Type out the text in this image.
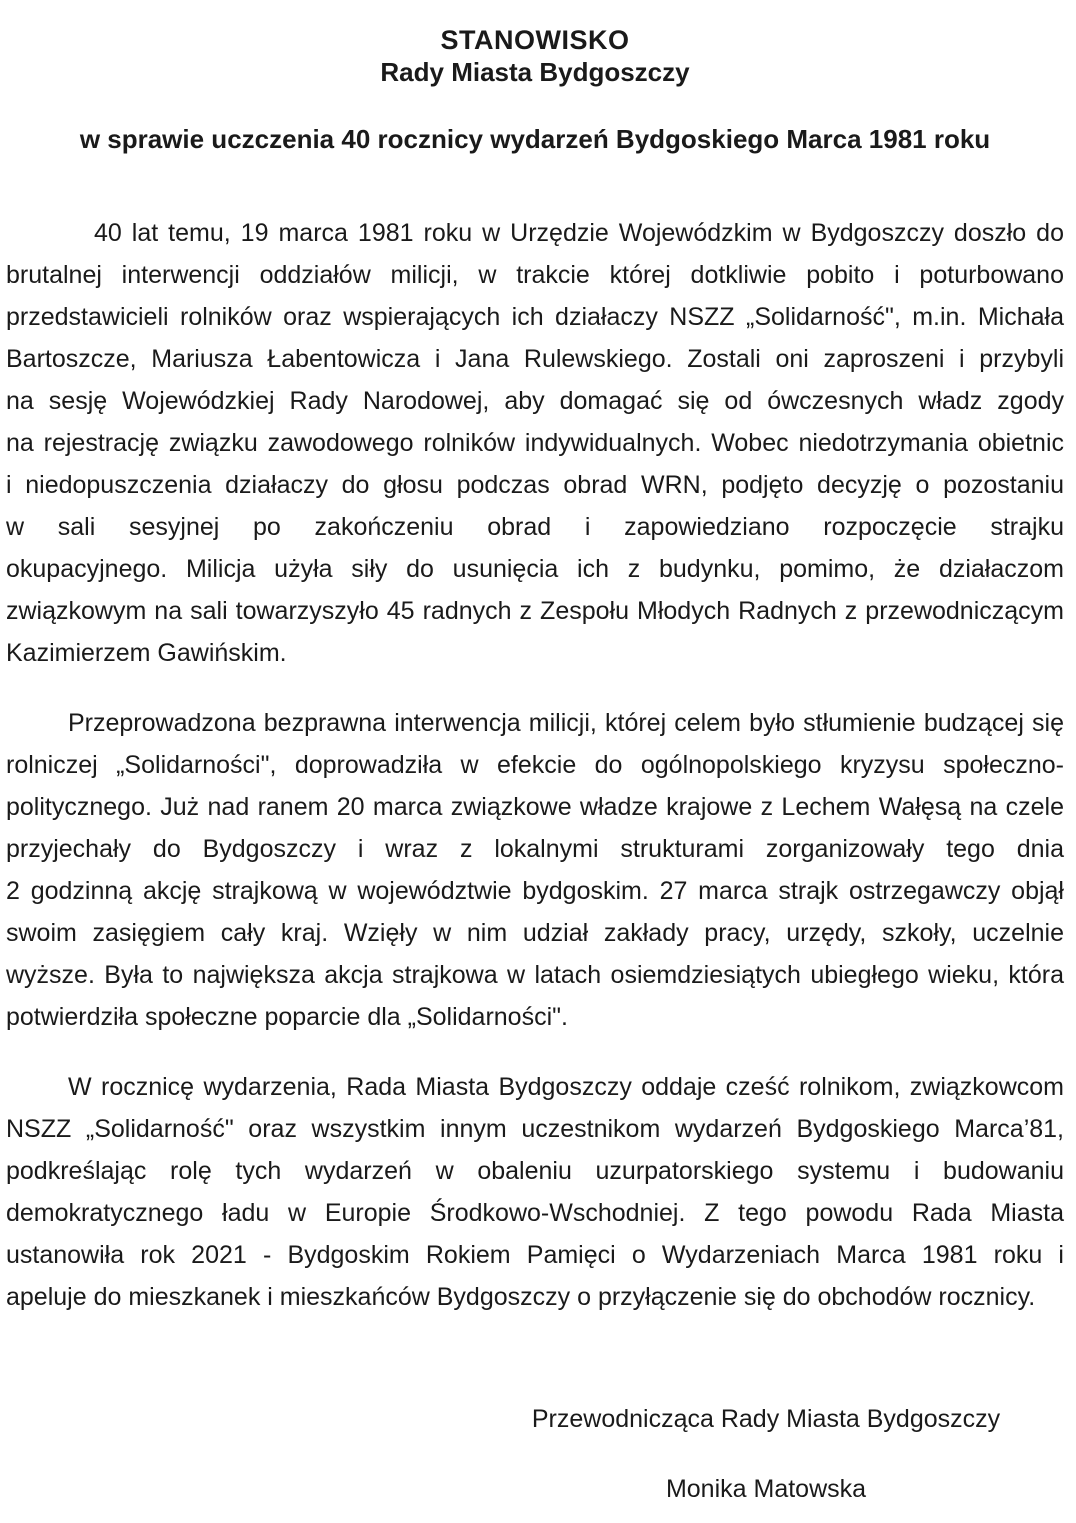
STANOWISKO
Rady Miasta Bydgoszczy
w sprawie uczczenia 40 rocznicy wydarzeń Bydgoskiego Marca 1981 roku
40 lat temu, 19 marca 1981 roku w Urzędzie Wojewódzkim w Bydgoszczy doszło do
brutalnej interwencji oddziałów milicji, w trakcie której dotkliwie pobito i poturbowano
przedstawicieli rolników oraz wspierających ich działaczy NSZZ „Solidarność", m.in. Michała
Bartoszcze, Mariusza Łabentowicza i Jana Rulewskiego. Zostali oni zaproszeni i przybyli
na sesję Wojewódzkiej Rady Narodowej, aby domagać się od ówczesnych władz zgody
na rejestrację związku zawodowego rolników indywidualnych. Wobec niedotrzymania obietnic
i niedopuszczenia działaczy do głosu podczas obrad WRN, podjęto decyzję o pozostaniu
w sali sesyjnej po zakończeniu obrad i zapowiedziano rozpoczęcie strajku
okupacyjnego. Milicja użyła siły do usunięcia ich z budynku, pomimo, że działaczom
związkowym na sali towarzyszyło 45 radnych z Zespołu Młodych Radnych z przewodniczącym
Kazimierzem Gawińskim.
Przeprowadzona bezprawna interwencja milicji, której celem było stłumienie budzącej się
rolniczej „Solidarności", doprowadziła w efekcie do ogólnopolskiego kryzysu społeczno-
politycznego. Już nad ranem 20 marca związkowe władze krajowe z Lechem Wałęsą na czele
przyjechały do Bydgoszczy i wraz z lokalnymi strukturami zorganizowały tego dnia
2 godzinną akcję strajkową w województwie bydgoskim. 27 marca strajk ostrzegawczy objął
swoim zasięgiem cały kraj. Wzięły w nim udział zakłady pracy, urzędy, szkoły, uczelnie
wyższe. Była to największa akcja strajkowa w latach osiemdziesiątych ubiegłego wieku, która
potwierdziła społeczne poparcie dla „Solidarności".
W rocznicę wydarzenia, Rada Miasta Bydgoszczy oddaje cześć rolnikom, związkowcom
NSZZ „Solidarność" oraz wszystkim innym uczestnikom wydarzeń Bydgoskiego Marca’81,
podkreślając rolę tych wydarzeń w obaleniu uzurpatorskiego systemu i budowaniu
demokratycznego ładu w Europie Środkowo-Wschodniej. Z tego powodu Rada Miasta
ustanowiła rok 2021 - Bydgoskim Rokiem Pamięci o Wydarzeniach Marca 1981 roku i
apeluje do mieszkanek i mieszkańców Bydgoszczy o przyłączenie się do obchodów rocznicy.
Przewodnicząca Rady Miasta Bydgoszczy
Monika Matowska
